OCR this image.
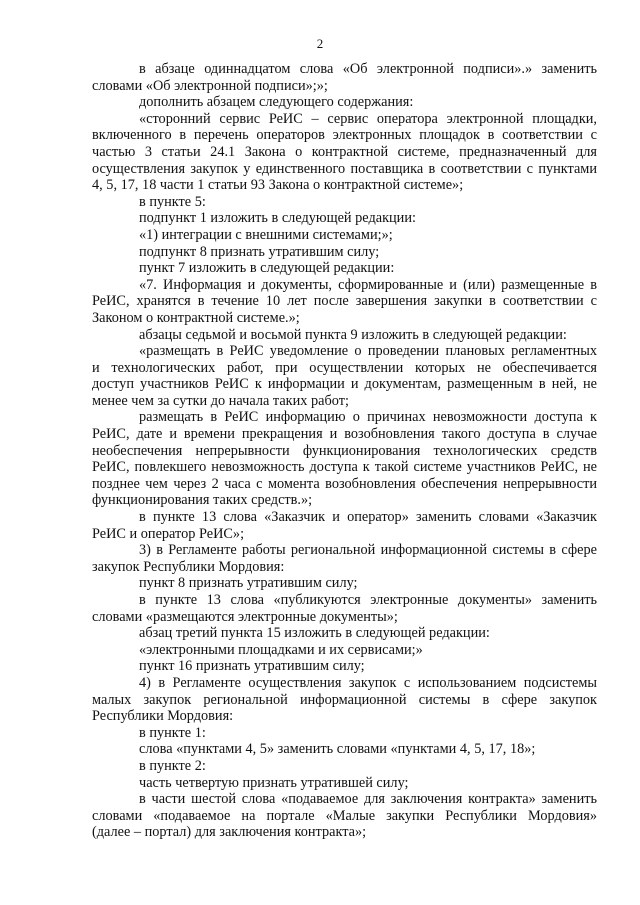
2
в абзаце одиннадцатом слова «Об электронной подписи».» заменить
словами «Об электронной подписи»;»;
дополнить абзацем следующего содержания:
«сторонний сервис РеИС – сервис оператора электронной площадки,
включенного в перечень операторов электронных площадок в соответствии с
частью 3 статьи 24.1 Закона о контрактной системе, предназначенный для
осуществления закупок у единственного поставщика в соответствии с пунктами
4, 5, 17, 18 части 1 статьи 93 Закона о контрактной системе»;
в пункте 5:
подпункт 1 изложить в следующей редакции:
«1) интеграции с внешними системами;»;
подпункт 8 признать утратившим силу;
пункт 7 изложить в следующей редакции:
«7. Информация и документы, сформированные и (или) размещенные в
РеИС, хранятся в течение 10 лет после завершения закупки в соответствии с
Законом о контрактной системе.»;
абзацы седьмой и восьмой пункта 9 изложить в следующей редакции:
«размещать в РеИС уведомление о проведении плановых регламентных
и технологических работ, при осуществлении которых не обеспечивается
доступ участников РеИС к информации и документам, размещенным в ней, не
менее чем за сутки до начала таких работ;
размещать в РеИС информацию о причинах невозможности доступа к
РеИС, дате и времени прекращения и возобновления такого доступа в случае
необеспечения непрерывности функционирования технологических средств
РеИС, повлекшего невозможность доступа к такой системе участников РеИС, не
позднее чем через 2 часа с момента возобновления обеспечения непрерывности
функционирования таких средств.»;
в пункте 13 слова «Заказчик и оператор» заменить словами «Заказчик
РеИС и оператор РеИС»;
3) в Регламенте работы региональной информационной системы в сфере
закупок Республики Мордовия:
пункт 8 признать утратившим силу;
в пункте 13 слова «публикуются электронные документы» заменить
словами «размещаются электронные документы»;
абзац третий пункта 15 изложить в следующей редакции:
«электронными площадками и их сервисами;»
пункт 16 признать утратившим силу;
4) в Регламенте осуществления закупок с использованием подсистемы
малых закупок региональной информационной системы в сфере закупок
Республики Мордовия:
в пункте 1:
слова «пунктами 4, 5» заменить словами «пунктами 4, 5, 17, 18»;
в пункте 2:
часть четвертую признать утратившей силу;
в части шестой слова «подаваемое для заключения контракта» заменить
словами «подаваемое на портале «Малые закупки Республики Мордовия»
(далее – портал) для заключения контракта»;
